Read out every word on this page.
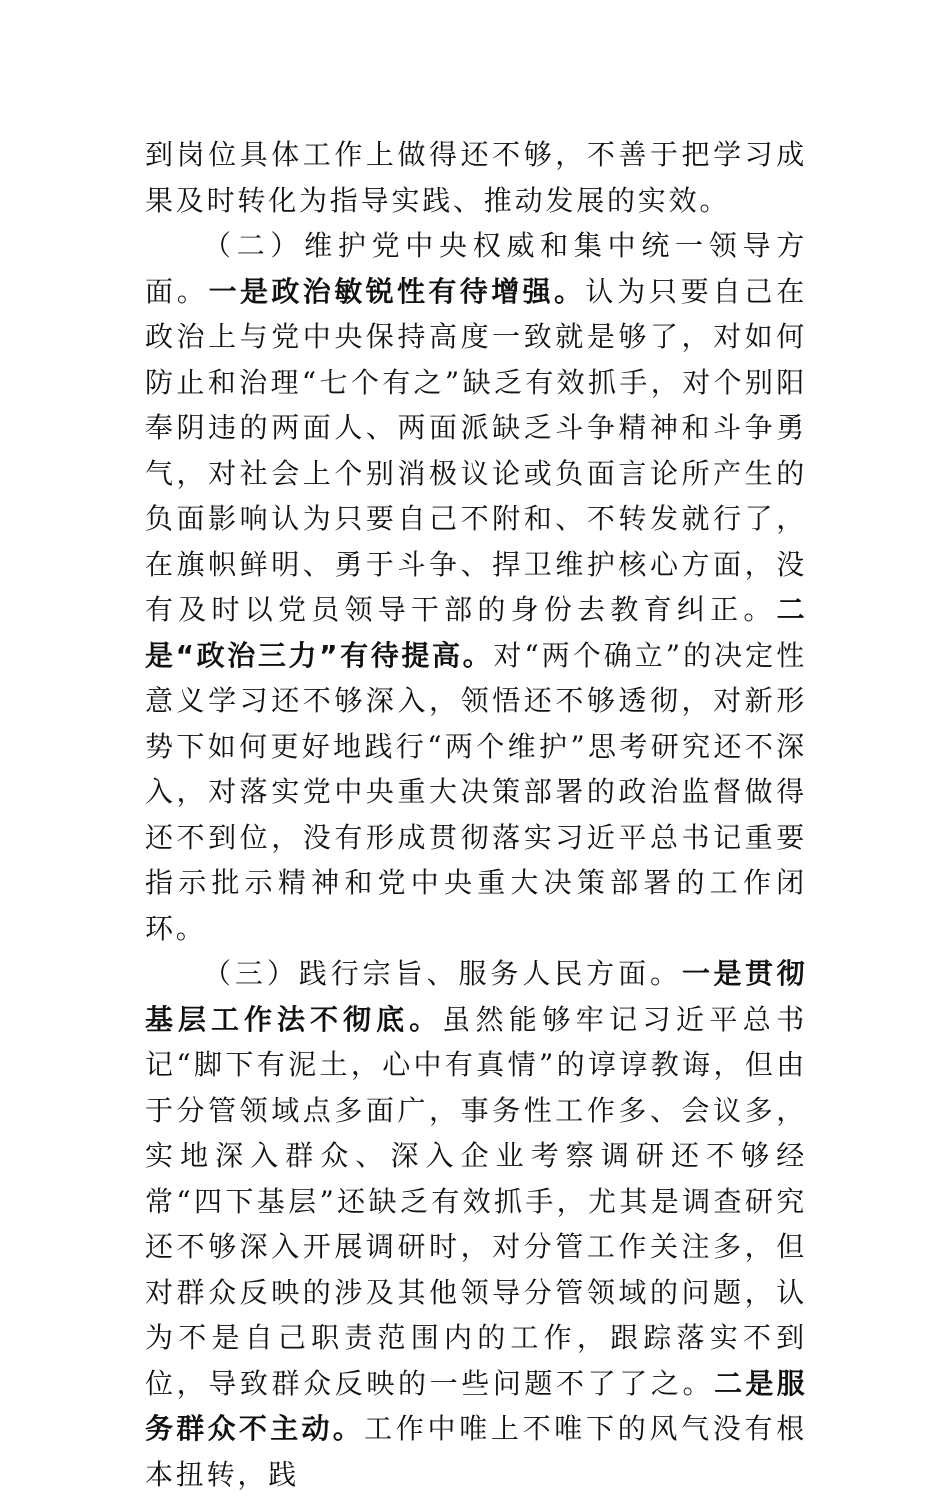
到岗位具体工作上做得还不够，不善于把学习成果及时转化为指导实践、推动发展的实效。

（二）维护党中央权威和集中统一领导方面。一是政治敏锐性有待增强。认为只要自己在政治上与党中央保持高度一致就是够了，对如何防止和治理“七个有之”缺乏有效抓手，对个别阳奉阴违的两面人、两面派缺乏斗争精神和斗争勇气，对社会上个别消极议论或负面言论所产生的负面影响认为只要自己不附和、不转发就行了，在旗帜鲜明、勇于斗争、捍卫维护核心方面，没有及时以党员领导干部的身份去教育纠正。二是“政治三力”有待提高。对“两个确立”的决定性意义学习还不够深入，领悟还不够透彻，对新形势下如何更好地践行“两个维护”思考研究还不深入，对落实党中央重大决策部署的政治监督做得还不到位，没有形成贯彻落实习近平总书记重要指示批示精神和党中央重大决策部署的工作闭环。

（三）践行宗旨、服务人民方面。一是贯彻基层工作法不彻底。虽然能够牢记习近平总书记“脚下有泥土，心中有真情”的谆谆教诲，但由于分管领域点多面广，事务性工作多、会议多，实地深入群众、深入企业考察调研还不够经常“四下基层”还缺乏有效抓手，尤其是调查研究还不够深入开展调研时，对分管工作关注多，但对群众反映的涉及其他领导分管领域的问题，认为不是自己职责范围内的工作，跟踪落实不到位，导致群众反映的一些问题不了了之。二是服务群众不主动。工作中唯上不唯下的风气没有根本扭转，践
